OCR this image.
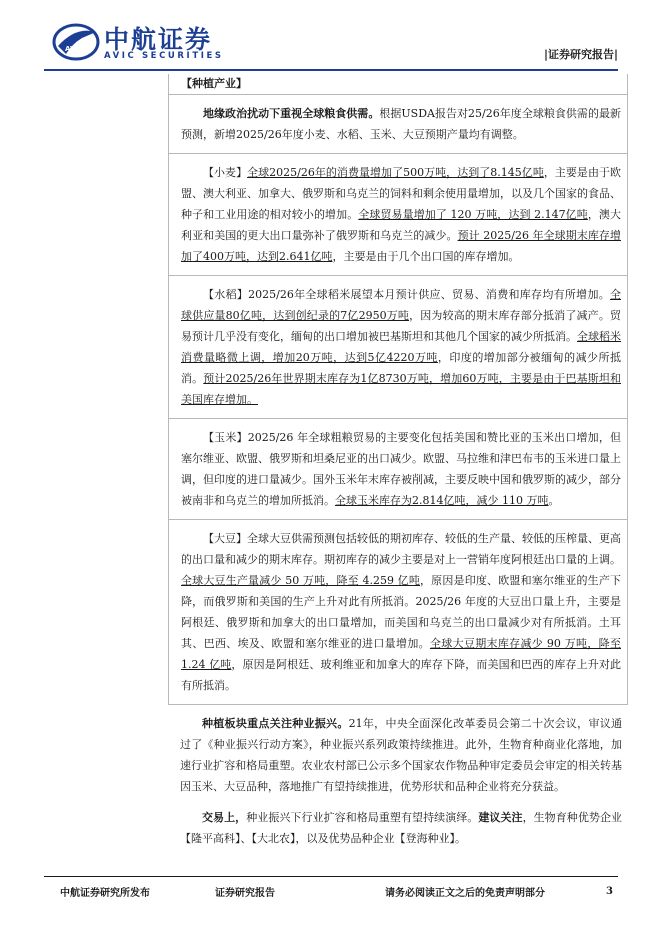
AVIC 中航证券
AVIC SECURITIES	|证券研究报告|
【种植产业】

地缘政治扰动下重视全球粮食供需。根据USDA报告对25/26年度全球粮食供需的最新预测，新增2025/26年度小麦、水稻、玉米、大豆预期产量均有调整。

【小麦】全球2025/26年的消费量增加了500万吨，达到了8.145亿吨，主要是由于欧盟、澳大利亚、加拿大、俄罗斯和乌克兰的饲料和剩余使用量增加，以及几个国家的食品、种子和工业用途的相对较小的增加。全球贸易量增加了 120 万吨，达到 2.147亿吨，澳大利亚和美国的更大出口量弥补了俄罗斯和乌克兰的减少。预计 2025/26 年全球期末库存增加了400万吨，达到2.641亿吨，主要是由于几个出口国的库存增加。

【水稻】2025/26年全球稻米展望本月预计供应、贸易、消费和库存均有所增加。全球供应量80亿吨，达到创纪录的7亿2950万吨，因为较高的期末库存部分抵消了减产。贸易预计几乎没有变化，缅甸的出口增加被巴基斯坦和其他几个国家的减少所抵消。全球稻米消费量略微上调，增加20万吨，达到5亿4220万吨，印度的增加部分被缅甸的减少所抵消。预计2025/26年世界期末库存为1亿8730万吨，增加60万吨，主要是由于巴基斯坦和美国库存增加。

【玉米】2025/26 年全球粗粮贸易的主要变化包括美国和赞比亚的玉米出口增加，但塞尔维亚、欧盟、俄罗斯和坦桑尼亚的出口减少。欧盟、马拉维和津巴布韦的玉米进口量上调，但印度的进口量减少。国外玉米年末库存被削减，主要反映中国和俄罗斯的减少，部分被南非和乌克兰的增加所抵消。全球玉米库存为2.814亿吨，减少 110 万吨。

【大豆】全球大豆供需预测包括较低的期初库存、较低的生产量、较低的压榨量、更高的出口量和减少的期末库存。期初库存的减少主要是对上一营销年度阿根廷出口量的上调。全球大豆生产量减少 50 万吨，降至 4.259 亿吨，原因是印度、欧盟和塞尔维亚的生产下降，而俄罗斯和美国的生产上升对此有所抵消。2025/26 年度的大豆出口量上升，主要是阿根廷、俄罗斯和加拿大的出口量增加，而美国和乌克兰的出口量减少对有所抵消。土耳其、巴西、埃及、欧盟和塞尔维亚的进口量增加。全球大豆期末库存减少 90 万吨，降至 1.24 亿吨，原因是阿根廷、玻利维亚和加拿大的库存下降，而美国和巴西的库存上升对此有所抵消。

种植板块重点关注种业振兴。21年，中央全面深化改革委员会第二十次会议，审议通过了《种业振兴行动方案》，种业振兴系列政策持续推进。此外，生物育种商业化落地，加速行业扩容和格局重塑。农业农村部已公示多个国家农作物品种审定委员会审定的相关转基因玉米、大豆品种，落地推广有望持续推进，优势形状和品种企业将充分获益。

交易上，种业振兴下行业扩容和格局重塑有望持续演绎。建议关注，生物育种优势企业【隆平高科】、【大北农】，以及优势品种企业【登海种业】。

中航证券研究所发布	证券研究报告	请务必阅读正文之后的免责声明部分	3
